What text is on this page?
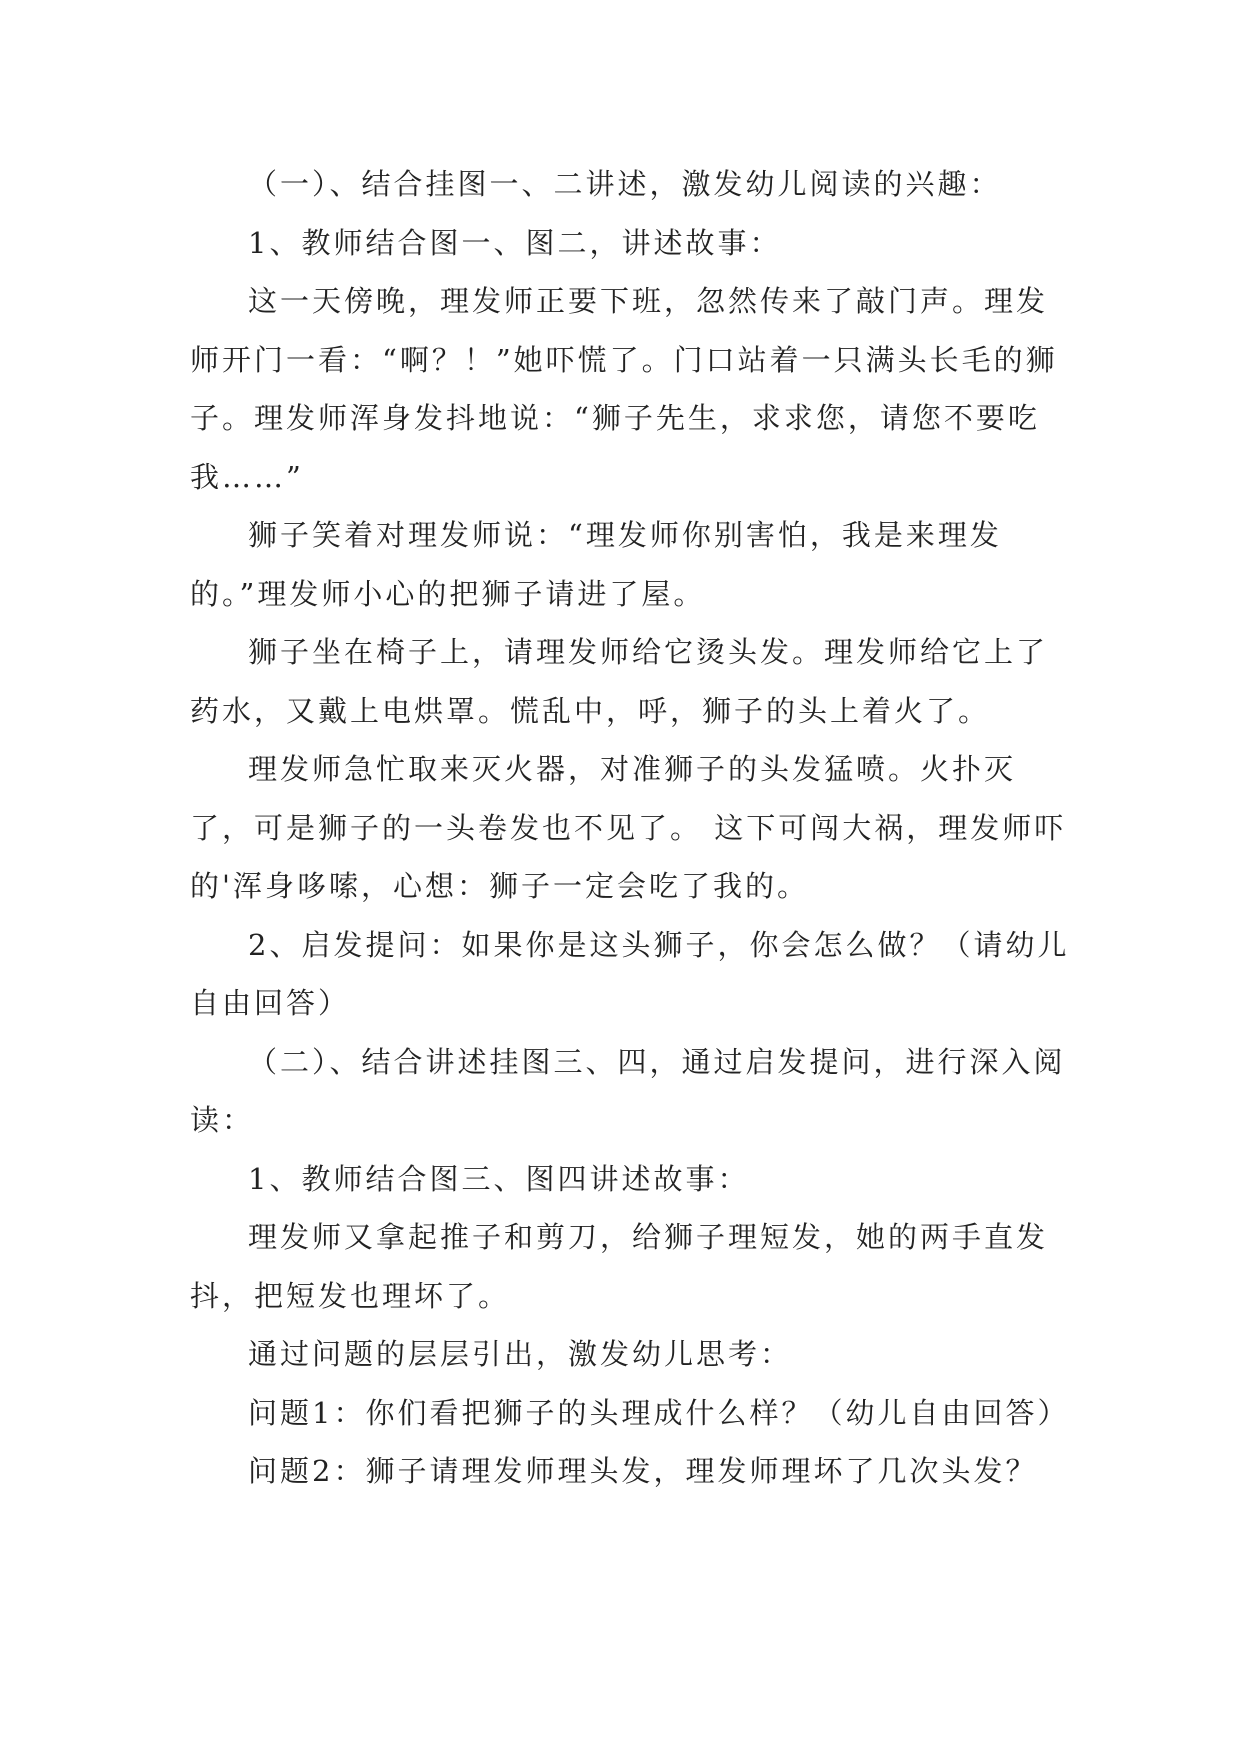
（一）、结合挂图一、二讲述，激发幼儿阅读的兴趣：

1、教师结合图一、图二，讲述故事：

这一天傍晚，理发师正要下班，忽然传来了敲门声。理发师开门一看：“啊？！”她吓慌了。门口站着一只满头长毛的狮子。理发师浑身发抖地说：“狮子先生，求求您，请您不要吃我……”

狮子笑着对理发师说：“理发师你别害怕，我是来理发的。”理发师小心的把狮子请进了屋。

狮子坐在椅子上，请理发师给它烫头发。理发师给它上了药水，又戴上电烘罩。慌乱中，呼，狮子的头上着火了。

理发师急忙取来灭火器，对准狮子的头发猛喷。火扑灭了，可是狮子的一头卷发也不见了。 这下可闯大祸，理发师吓的'浑身哆嗦，心想：狮子一定会吃了我的。

2、启发提问：如果你是这头狮子，你会怎么做？（请幼儿自由回答）

（二）、结合讲述挂图三、四，通过启发提问，进行深入阅读：

1、教师结合图三、图四讲述故事：

理发师又拿起推子和剪刀，给狮子理短发，她的两手直发抖，把短发也理坏了。

通过问题的层层引出，激发幼儿思考：

问题1：你们看把狮子的头理成什么样？（幼儿自由回答）

问题2：狮子请理发师理头发，理发师理坏了几次头发？
